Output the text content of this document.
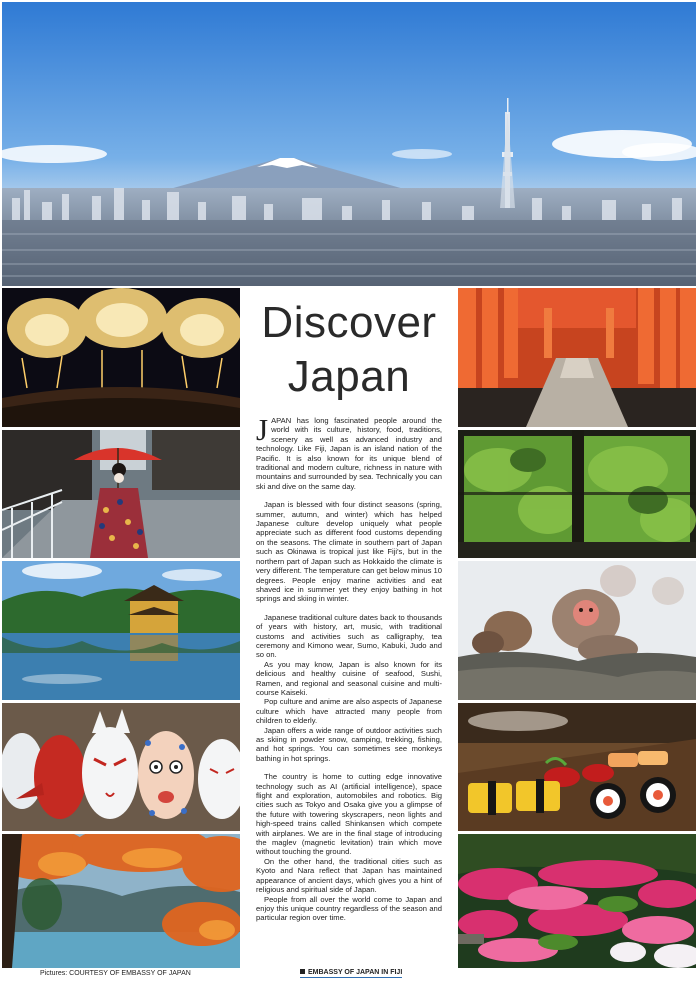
Discover
Japan

JAPAN has long fascinated people around the world with its culture, history, food, traditions, scenery as well as advanced industry and technology. Like Fiji, Japan is an island nation of the Pacific. It is also known for its unique blend of traditional and modern culture, richness in nature with mountains and surrounded by sea. Technically you can ski and dive on the same day.

Japan is blessed with four distinct seasons (spring, summer, autumn, and winter) which has helped Japanese culture develop uniquely what people appreciate such as different food customs depending on the seasons. The climate in southern part of Japan such as Okinawa is tropical just like Fiji's, but in the northern part of Japan such as Hokkaido the climate is very different. The temperature can get below minus 10 degrees. People enjoy marine activities and eat shaved ice in summer yet they enjoy bathing in hot springs and skiing in winter.

Japanese traditional culture dates back to thousands of years with history, art, music, with traditional customs and activities such as calligraphy, tea ceremony and Kimono wear, Sumo, Kabuki, Judo and so on.

As you may know, Japan is also known for its delicious and healthy cuisine of seafood, Sushi, Ramen, and regional and seasonal cuisine and multi-course Kaiseki.

Pop culture and anime are also aspects of Japanese culture which have attracted many people from children to elderly.

Japan offers a wide range of outdoor activities such as skiing in powder snow, camping, trekking, fishing, and hot springs. You can sometimes see monkeys bathing in hot springs.

The country is home to cutting edge innovative technology such as AI (artificial intelligence), space flight and exploration, automobiles and robotics. Big cities such as Tokyo and Osaka give you a glimpse of the future with towering skyscrapers, neon lights and high-speed trains called Shinkansen which compete with airplanes. We are in the final stage of introducing the maglev (magnetic levitation) train which move without touching the ground.

On the other hand, the traditional cities such as Kyoto and Nara reflect that Japan has maintained appearance of ancient days, which gives you a hint of religious and spiritual side of Japan.

People from all over the world come to Japan and enjoy this unique country regardless of the season and particular region over time.

Pictures: COURTESY OF EMBASSY OF JAPAN	EMBASSY OF JAPAN IN FIJI
